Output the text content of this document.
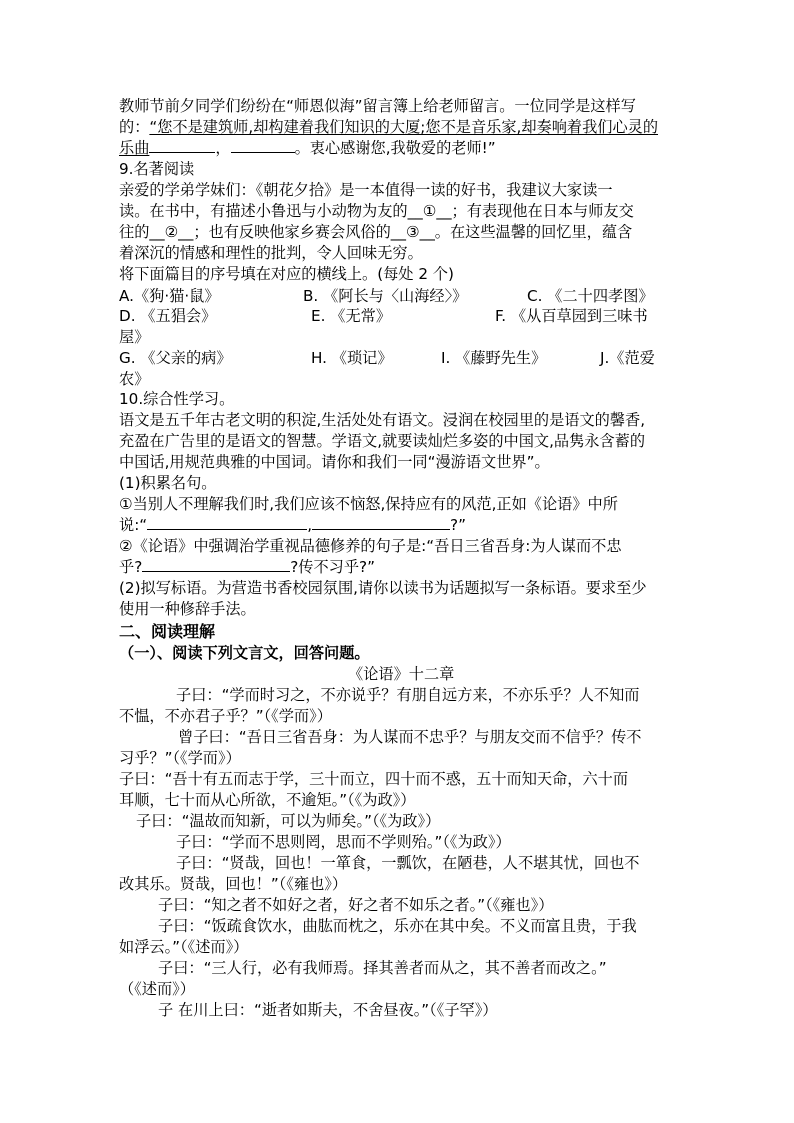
教师节前夕同学们纷纷在“师恩似海”留言簿上给老师留言。一位同学是这样写
的：“您不是建筑师,却构建着我们知识的大厦;您不是音乐家,却奏响着我们心灵的
乐曲	，	。衷心感谢您,我敬爱的老师!”
9.名著阅读
亲爱的学弟学妹们：《朝花夕拾》是一本值得一读的好书，我建议大家读一
读。在书中，有描述小鲁迅与小动物为友的__①__；有表现他在日本与师友交
往的__②__；也有反映他家乡赛会风俗的__③__。在这些温馨的回忆里，蕴含
着深沉的情感和理性的批判，令人回味无穷。
将下面篇目的序号填在对应的横线上。(每处 2 个)
A.《狗·猫·鼠》	B. 《阿长与〈山海经〉》	C. 《二十四孝图》
D. 《五猖会》	E. 《无常》	F. 《从百草园到三味书
屋》
G. 《父亲的病》	H. 《琐记》	I. 《藤野先生》	J.《范爱
农》
10.综合性学习。
语文是五千年古老文明的积淀,生活处处有语文。浸润在校园里的是语文的馨香,
充盈在广告里的是语文的智慧。学语文,就要读灿烂多姿的中国文,品隽永含蓄的
中国话,用规范典雅的中国词。请你和我们一同“漫游语文世界”。
(1)积累名句。
①当别人不理解我们时,我们应该不恼怒,保持应有的风范,正如《论语》中所
说:“	,	?”
②《论语》中强调治学重视品德修养的句子是:“吾日三省吾身:为人谋而不忠
乎?	?传不习乎?”
(2)拟写标语。为营造书香校园氛围,请你以读书为话题拟写一条标语。要求至少
使用一种修辞手法。
二、阅读理解
（一）、阅读下列文言文，回答问题。
《论语》十二章
子曰：“学而时习之，不亦说乎？有朋自远方来，不亦乐乎？人不知而
不愠，不亦君子乎？”（《学而》）
曾子曰：“吾日三省吾身：为人谋而不忠乎？与朋友交而不信乎？传不
习乎？”（《学而》）
子曰：“吾十有五而志于学，三十而立，四十而不惑，五十而知天命，六十而
耳顺，七十而从心所欲，不逾矩。”（《为政》）
子曰：“温故而知新，可以为师矣。”（《为政》）
子曰：“学而不思则罔，思而不学则殆。”（《为政》）
子曰：“贤哉，回也！一箪食，一瓢饮，在陋巷，人不堪其忧，回也不
改其乐。贤哉，回也！”（《雍也》）
子曰：“知之者不如好之者，好之者不如乐之者。”（《雍也》）
子曰：“饭疏食饮水，曲肱而枕之，乐亦在其中矣。不义而富且贵，于我
如浮云。”（《述而》）
子曰：“三人行，必有我师焉。择其善者而从之，其不善者而改之。”
（《述而》）
子 在川上曰：“逝者如斯夫，不舍昼夜。”（《子罕》）
